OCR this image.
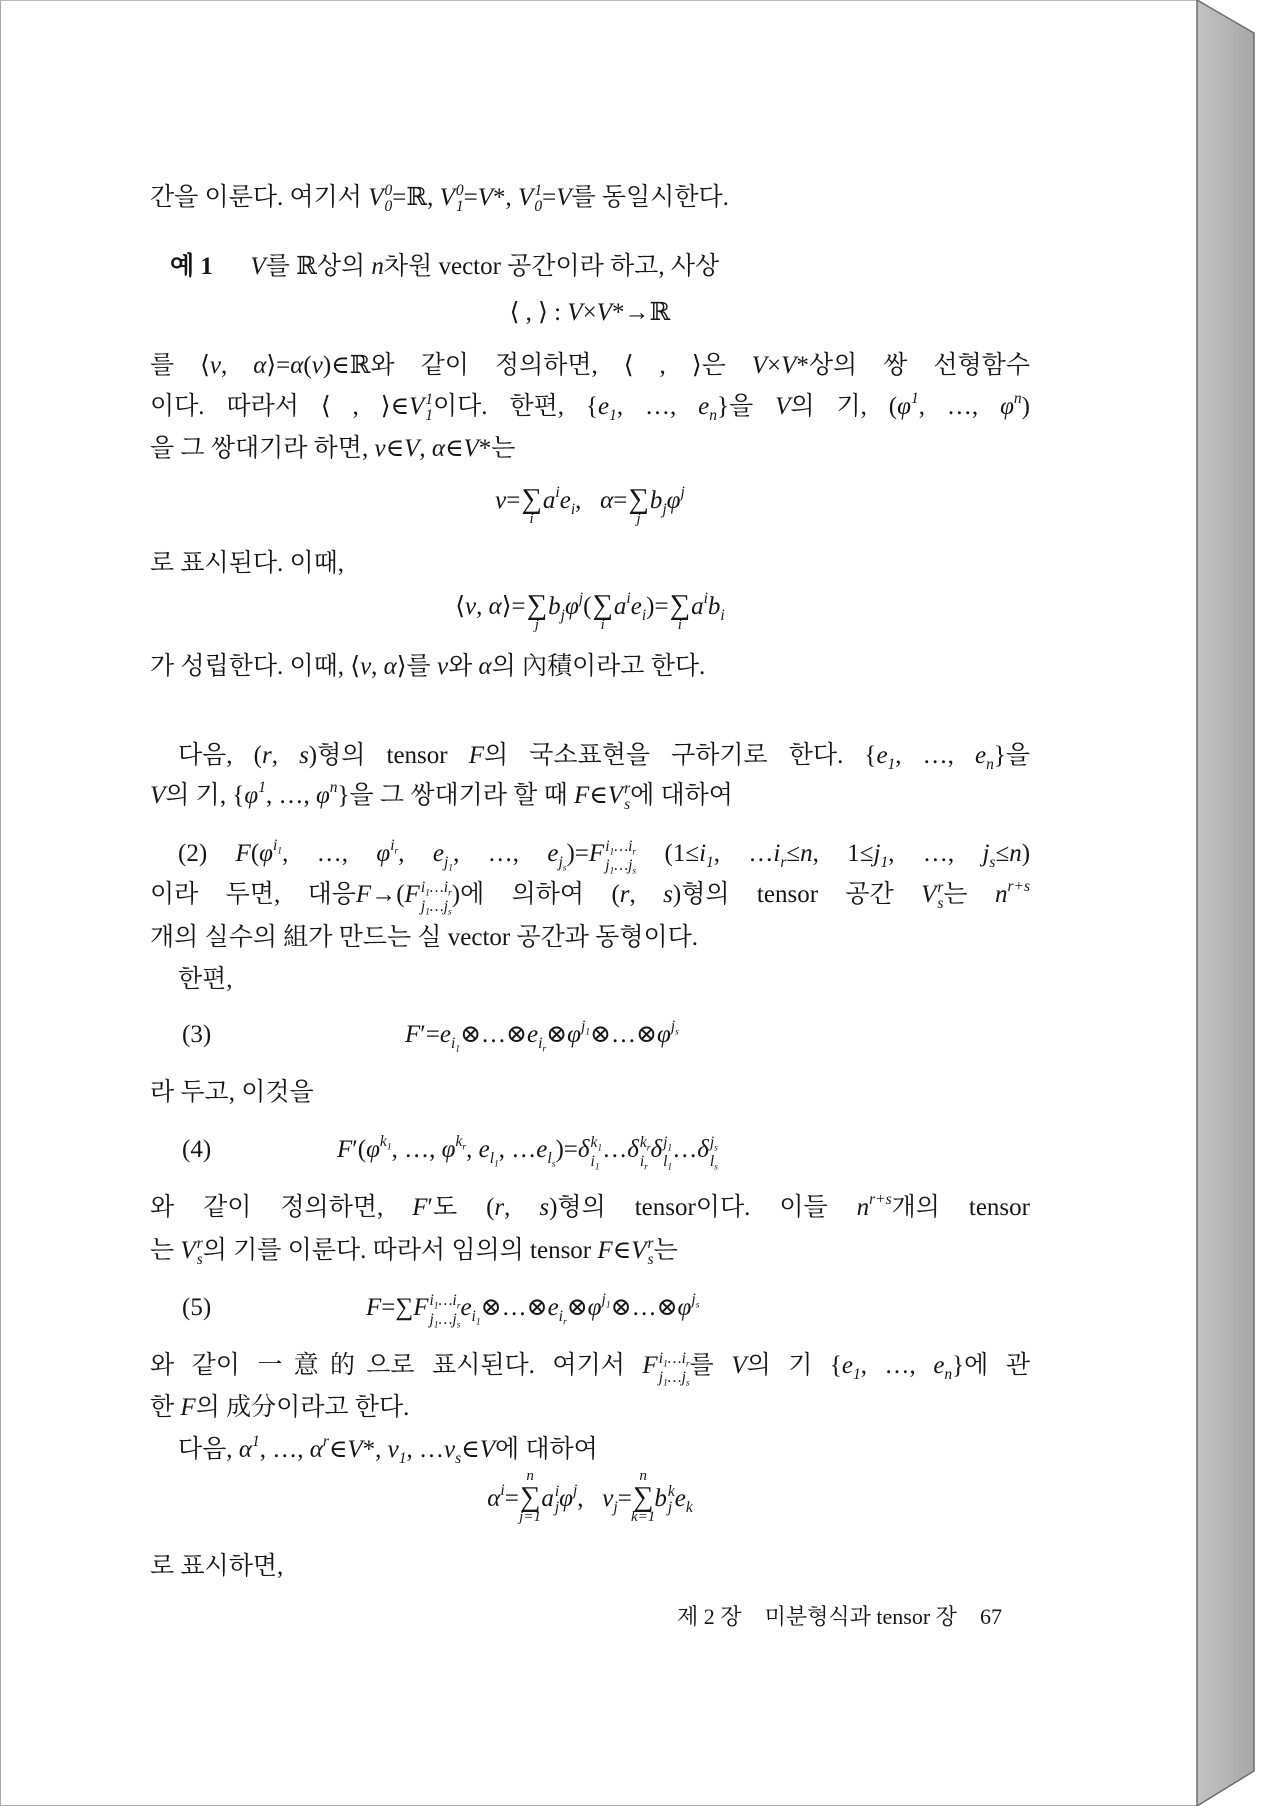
간을 이룬다. 여기서 V 0
0 =ℝ, V 0
1 =V*, V 1
0 =V를 동일시한다.
예 1 V를 ℝ상의 n차원 vector 공간이라 하고, 사상
⟨ , ⟩ : V×V*→ℝ
를 ⟨v, α⟩=α(v)∈ℝ와 같이 정의하면, ⟨ , ⟩은 V×V*상의 쌍 선형함수
이다. 따라서 ⟨ , ⟩∈V 1
1 이다. 한편, {$e_1$, …, $e_n$}을 V의 기, ($\varphi^1$, …, $\varphi^n$)
을 그 쌍대기라 하면, v∈V, α∈V*는
v=∑
i
$a^ie_i$,   α=∑
j
$b_j\varphi^j$
로 표시된다. 이때,
⟨v, α⟩=∑
j
$b_j\varphi^j(\sum$
i
$a^ie_i)=\sum$
i
$a^ib_i$
가 성립한다. 이때, ⟨v, α⟩를 v와 α의 內積이라고 한다.
다음, (r, s)형의 tensor F의 국소표현을 구하기로 한다. {$e_1$, …, $e_n$}을
V의 기, {$\varphi^1$, …, $\varphi^n$}을 그 쌍대기라 할 때 F∈V r
s 에 대하여
(2) $F(\varphi^{i_1}$, …, $\varphi^{i_r}$, $e_{j_1}$, …, $e_{j_s})=F$ $i_1\dots i_r$
$j_1\dots j_s$
($1\le i_1$, $\dots i_r\le n$, $1\le j_1$, …, $j_s\le n$)
이라 두면, 대응F→(F $i_1\dots i_r$
$j_1\dots j_s$
)에 의하여 (r, s)형의 tensor 공간 V r
s 는 $n^{r+s}$
개의 실수의 組가 만드는 실 vector 공간과 동형이다.
한편,
(3)	$F'=e_{i_1}\otimes\dots\otimes e_{i_r}\otimes\varphi^{j_1}\otimes\dots\otimes\varphi^{j_s}$
라 두고, 이것을
(4)	$F'(\varphi^{k_1}$, …, $\varphi^{k_r}$, $e_{l_1}$, $\dots e_{l_s})=\delta$ $k_1$
$i_1$
…δ $k_r$
$i_r$
δ $j_1$
$l_1$
…δ $j_s$
$l_s$
와 같이 정의하면, F′도 (r, s)형의 tensor이다. 이들 $n^{r+s}$개의 tensor
는 V r
s 의 기를 이룬다. 따라서 임의의 tensor F∈V r
s 는
(5)	F=∑F $i_1\dots i_r$
$j_1\dots j_s$
$e_{i_1}\otimes\dots\otimes e_{i_r}\otimes\varphi^{j_1}\otimes\dots\otimes\varphi^{j_s}$
와 같이 一意的으로 표시된다. 여기서 F $i_1\dots i_r$
$j_1\dots j_s$
를 V의 기 {$e_1$, …, $e_n$}에 관
한 F의 成分이라고 한다.
다음, $\alpha^1$, …, $\alpha^r\in V*$, $v_1$, $\dots v_s\in V$에 대하여
$\alpha^i=\sum$
n
j=1
a i
j $\varphi^j$,   $v_j=\sum$
n
k=1
b k
j $e_k$
로 표시하면,
제 2 장 미분형식과 tensor 장 67
